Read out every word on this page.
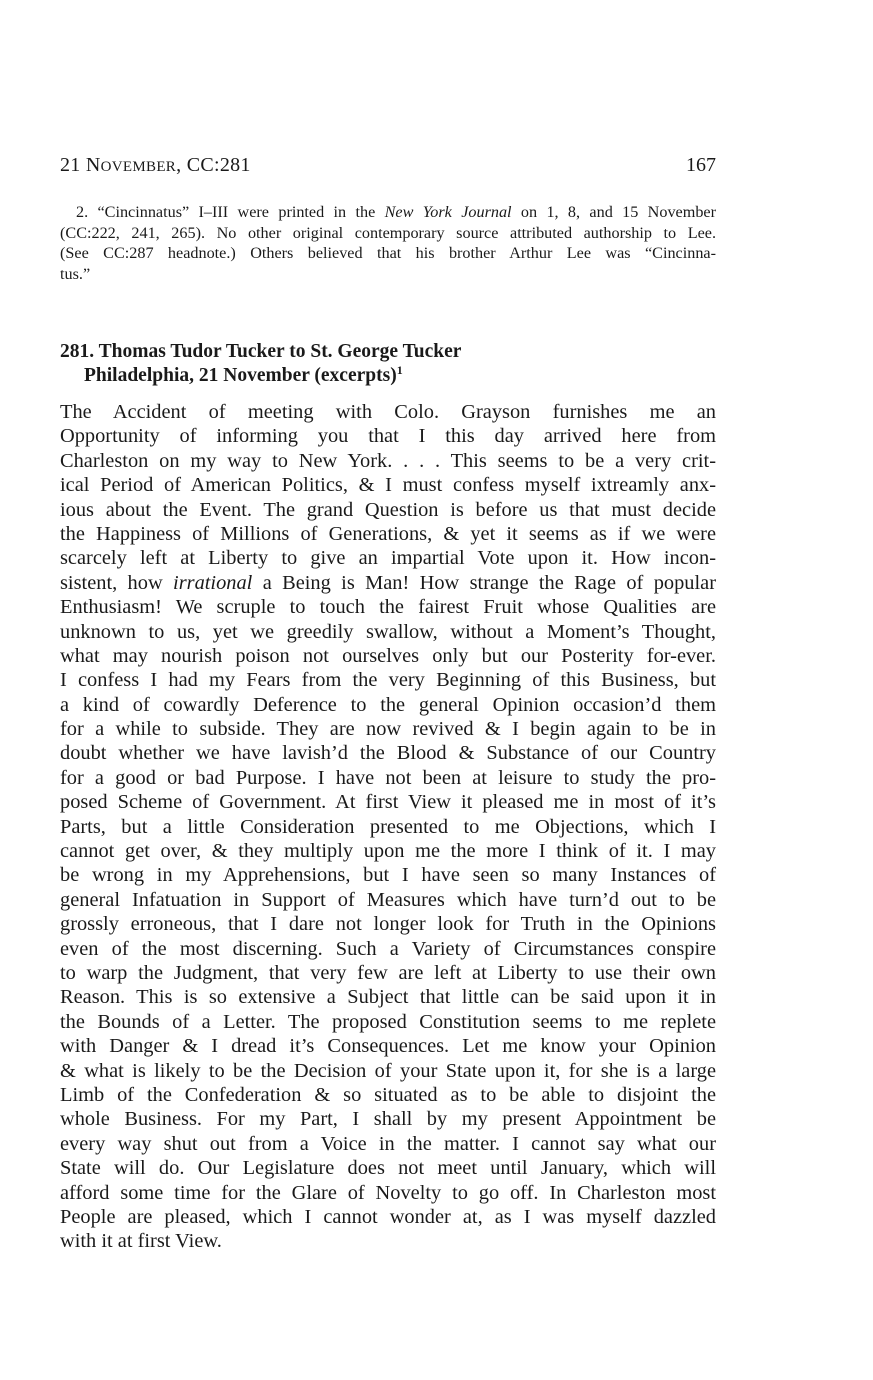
21 NOVEMBER, CC:281	167
2. “Cincinnatus” I–III were printed in the New York Journal on 1, 8, and 15 November
(CC:222, 241, 265). No other original contemporary source attributed authorship to Lee.
(See CC:287 headnote.) Others believed that his brother Arthur Lee was “Cincinna-
tus.”
281. Thomas Tudor Tucker to St. George Tucker
Philadelphia, 21 November (excerpts)$^1$
The Accident of meeting with Colo. Grayson furnishes me an
Opportunity of informing you that I this day arrived here from
Charleston on my way to New York. . . . This seems to be a very crit-
ical Period of American Politics, & I must confess myself ixtreamly anx-
ious about the Event. The grand Question is before us that must decide
the Happiness of Millions of Generations, & yet it seems as if we were
scarcely left at Liberty to give an impartial Vote upon it. How incon-
sistent, how irrational a Being is Man! How strange the Rage of popular
Enthusiasm! We scruple to touch the fairest Fruit whose Qualities are
unknown to us, yet we greedily swallow, without a Moment’s Thought,
what may nourish poison not ourselves only but our Posterity for-ever.
I confess I had my Fears from the very Beginning of this Business, but
a kind of cowardly Deference to the general Opinion occasion’d them
for a while to subside. They are now revived & I begin again to be in
doubt whether we have lavish’d the Blood & Substance of our Country
for a good or bad Purpose. I have not been at leisure to study the pro-
posed Scheme of Government. At first View it pleased me in most of it’s
Parts, but a little Consideration presented to me Objections, which I
cannot get over, & they multiply upon me the more I think of it. I may
be wrong in my Apprehensions, but I have seen so many Instances of
general Infatuation in Support of Measures which have turn’d out to be
grossly erroneous, that I dare not longer look for Truth in the Opinions
even of the most discerning. Such a Variety of Circumstances conspire
to warp the Judgment, that very few are left at Liberty to use their own
Reason. This is so extensive a Subject that little can be said upon it in
the Bounds of a Letter. The proposed Constitution seems to me replete
with Danger & I dread it’s Consequences. Let me know your Opinion
& what is likely to be the Decision of your State upon it, for she is a large
Limb of the Confederation & so situated as to be able to disjoint the
whole Business. For my Part, I shall by my present Appointment be
every way shut out from a Voice in the matter. I cannot say what our
State will do. Our Legislature does not meet until January, which will
afford some time for the Glare of Novelty to go off. In Charleston most
People are pleased, which I cannot wonder at, as I was myself dazzled
with it at first View.
